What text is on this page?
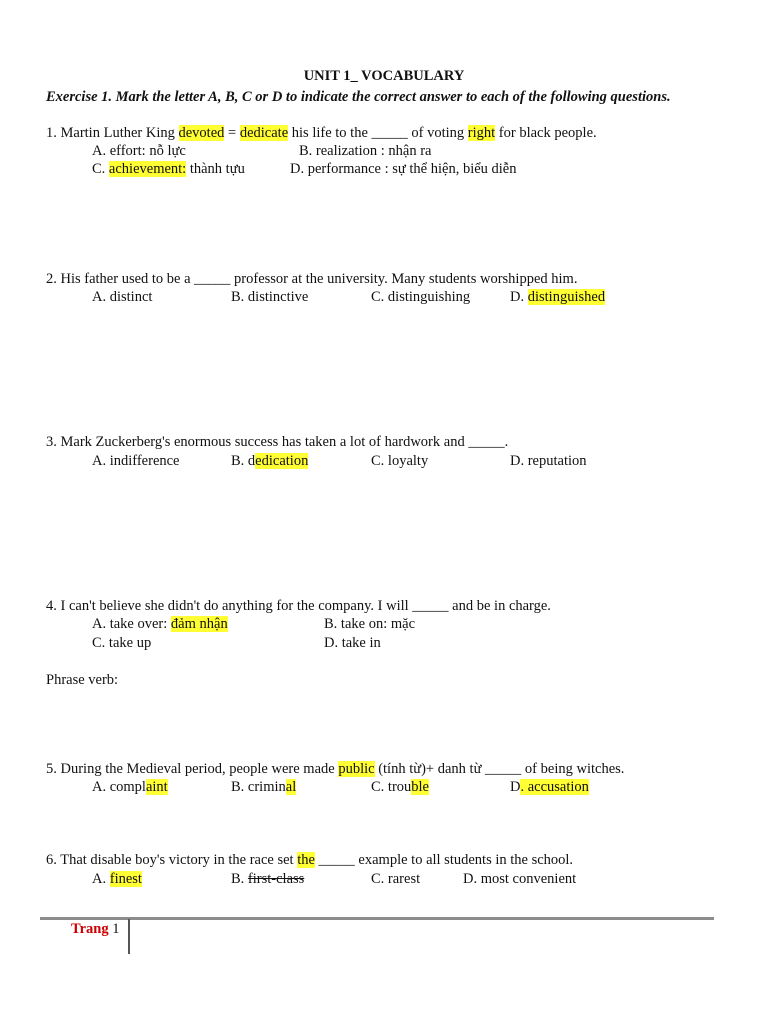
UNIT 1_ VOCABULARY
Exercise 1. Mark the letter A, B, C or D to indicate the correct answer to each of the following questions.
1. Martin Luther King devoted = dedicate his life to the _____ of voting right for black people.
A. effort: nỗ lực	B. realization : nhận ra
C. achievement: thành tựu	D. performance : sự thể hiện, biểu diễn
2. His father used to be a _____ professor at the university. Many students worshipped him.
A. distinct	B. distinctive	C. distinguishing	D. distinguished
3. Mark Zuckerberg's enormous success has taken a lot of hardwork and _____.
A. indifference	B. dedication	C. loyalty	D. reputation
4. I can't believe she didn't do anything for the company. I will _____ and be in charge.
A. take over: đảm nhận	B. take on: mặc
C. take up	D. take in
Phrase verb:
5. During the Medieval period, people were made public (tính từ)+ danh từ _____ of being witches.
A. complaint	B. criminal	C. trouble	D. accusation
6. That disable boy's victory in the race set the _____ example to all students in the school.
A. finest	B. first-class	C. rarest	D. most convenient
Trang 1
